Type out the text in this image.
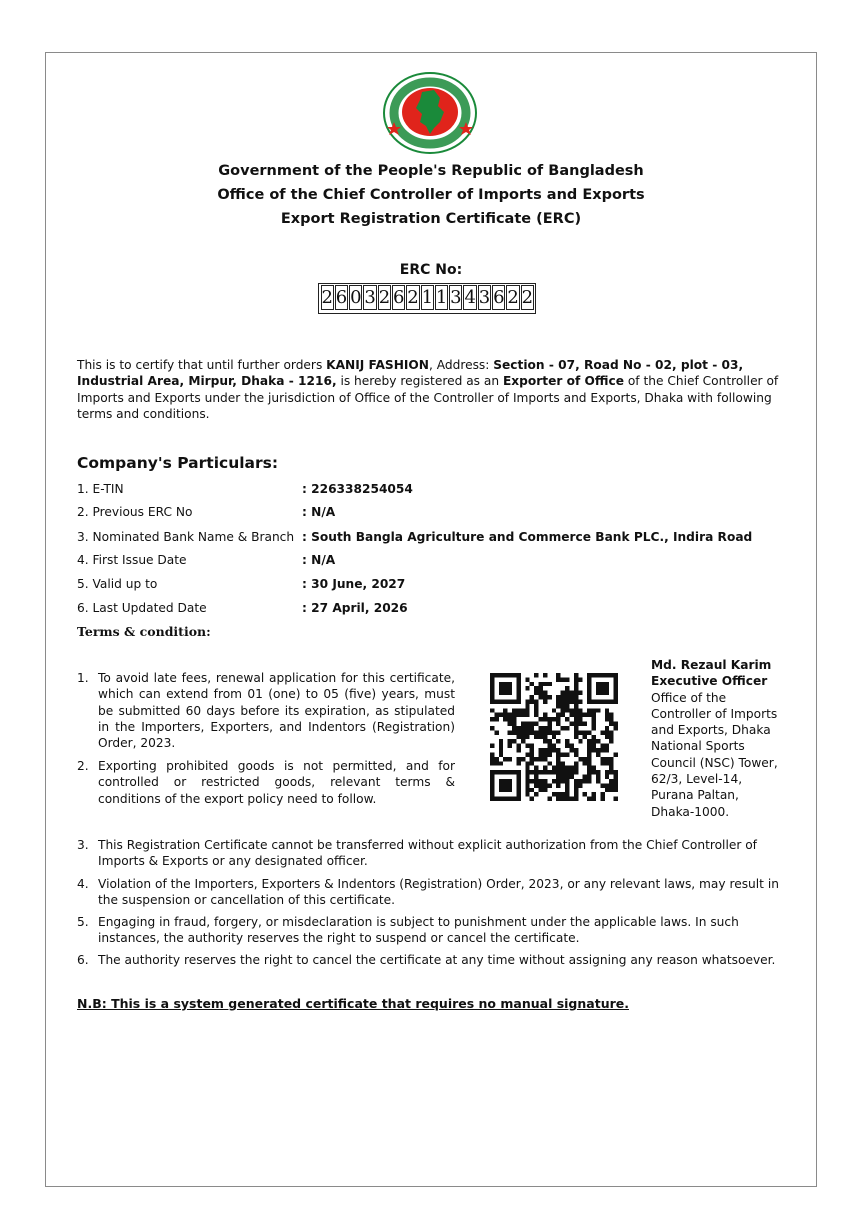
Government of the People's Republic of Bangladesh
Office of the Chief Controller of Imports and Exports
Export Registration Certificate (ERC)
ERC No:
2 6 0 3 2 6 2 1 1 3 4 3 6 2 2
This is to certify that until further orders KANIJ FASHION, Address: Section - 07, Road No - 02, plot - 03, Industrial Area, Mirpur, Dhaka - 1216, is hereby registered as an Exporter of Office of the Chief Controller of Imports and Exports under the jurisdiction of Office of the Controller of Imports and Exports, Dhaka with following terms and conditions.
Company's Particulars:
1. E-TIN	: 226338254054
2. Previous ERC No	: N/A
3. Nominated Bank Name & Branch : South Bangla Agriculture and Commerce Bank PLC., Indira Road
4. First Issue Date	: N/A
5. Valid up to	: 30 June, 2027
6. Last Updated Date	: 27 April, 2026
Terms & condition:
1. To avoid late fees, renewal application for this certificate, which can extend from 01 (one) to 05 (five) years, must be submitted 60 days before its expiration, as stipulated in the Importers, Exporters, and Indentors (Registration) Order, 2023.
2. Exporting prohibited goods is not permitted, and for controlled or restricted goods, relevant terms & conditions of the export policy need to follow.
Md. Rezaul Karim
Executive Officer
Office of the Controller of Imports and Exports, Dhaka National Sports Council (NSC) Tower, 62/3, Level-14, Purana Paltan, Dhaka-1000.
3. This Registration Certificate cannot be transferred without explicit authorization from the Chief Controller of Imports & Exports or any designated officer.
4. Violation of the Importers, Exporters & Indentors (Registration) Order, 2023, or any relevant laws, may result in the suspension or cancellation of this certificate.
5. Engaging in fraud, forgery, or misdeclaration is subject to punishment under the applicable laws. In such instances, the authority reserves the right to suspend or cancel the certificate.
6. The authority reserves the right to cancel the certificate at any time without assigning any reason whatsoever.
N.B: This is a system generated certificate that requires no manual signature.
